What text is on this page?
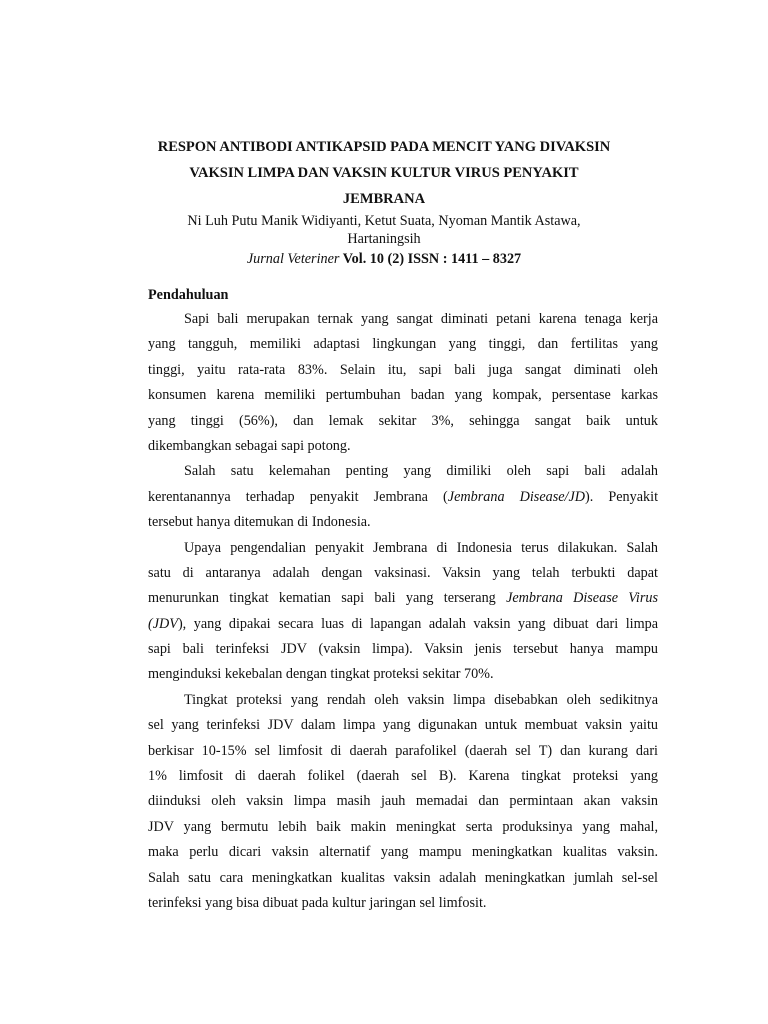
RESPON ANTIBODI ANTIKAPSID PADA MENCIT YANG DIVAKSIN
VAKSIN LIMPA DAN VAKSIN KULTUR VIRUS PENYAKIT
JEMBRANA
Ni Luh Putu Manik Widiyanti, Ketut Suata, Nyoman Mantik Astawa,
Hartaningsih
Jurnal Veteriner Vol. 10 (2) ISSN : 1411 – 8327
Pendahuluan
Sapi bali merupakan ternak yang sangat diminati petani karena tenaga kerja
yang tangguh, memiliki adaptasi lingkungan yang tinggi, dan fertilitas yang
tinggi, yaitu rata-rata 83%. Selain itu, sapi bali juga sangat diminati oleh
konsumen karena memiliki pertumbuhan badan yang kompak, persentase karkas
yang tinggi (56%), dan lemak sekitar 3%, sehingga sangat baik untuk
dikembangkan sebagai sapi potong.
Salah satu kelemahan penting yang dimiliki oleh sapi bali adalah
kerentanannya terhadap penyakit Jembrana (Jembrana Disease/JD). Penyakit
tersebut hanya ditemukan di Indonesia.
Upaya pengendalian penyakit Jembrana di Indonesia terus dilakukan. Salah
satu di antaranya adalah dengan vaksinasi. Vaksin yang telah terbukti dapat
menurunkan tingkat kematian sapi bali yang terserang Jembrana Disease Virus
(JDV), yang dipakai secara luas di lapangan adalah vaksin yang dibuat dari limpa
sapi bali terinfeksi JDV (vaksin limpa). Vaksin jenis tersebut hanya mampu
menginduksi kekebalan dengan tingkat proteksi sekitar 70%.
Tingkat proteksi yang rendah oleh vaksin limpa disebabkan oleh sedikitnya
sel yang terinfeksi JDV dalam limpa yang digunakan untuk membuat vaksin yaitu
berkisar 10-15% sel limfosit di daerah parafolikel (daerah sel T) dan kurang dari
1% limfosit di daerah folikel (daerah sel B). Karena tingkat proteksi yang
diinduksi oleh vaksin limpa masih jauh memadai dan permintaan akan vaksin
JDV yang bermutu lebih baik makin meningkat serta produksinya yang mahal,
maka perlu dicari vaksin alternatif yang mampu meningkatkan kualitas vaksin.
Salah satu cara meningkatkan kualitas vaksin adalah meningkatkan jumlah sel-sel
terinfeksi yang bisa dibuat pada kultur jaringan sel limfosit.
